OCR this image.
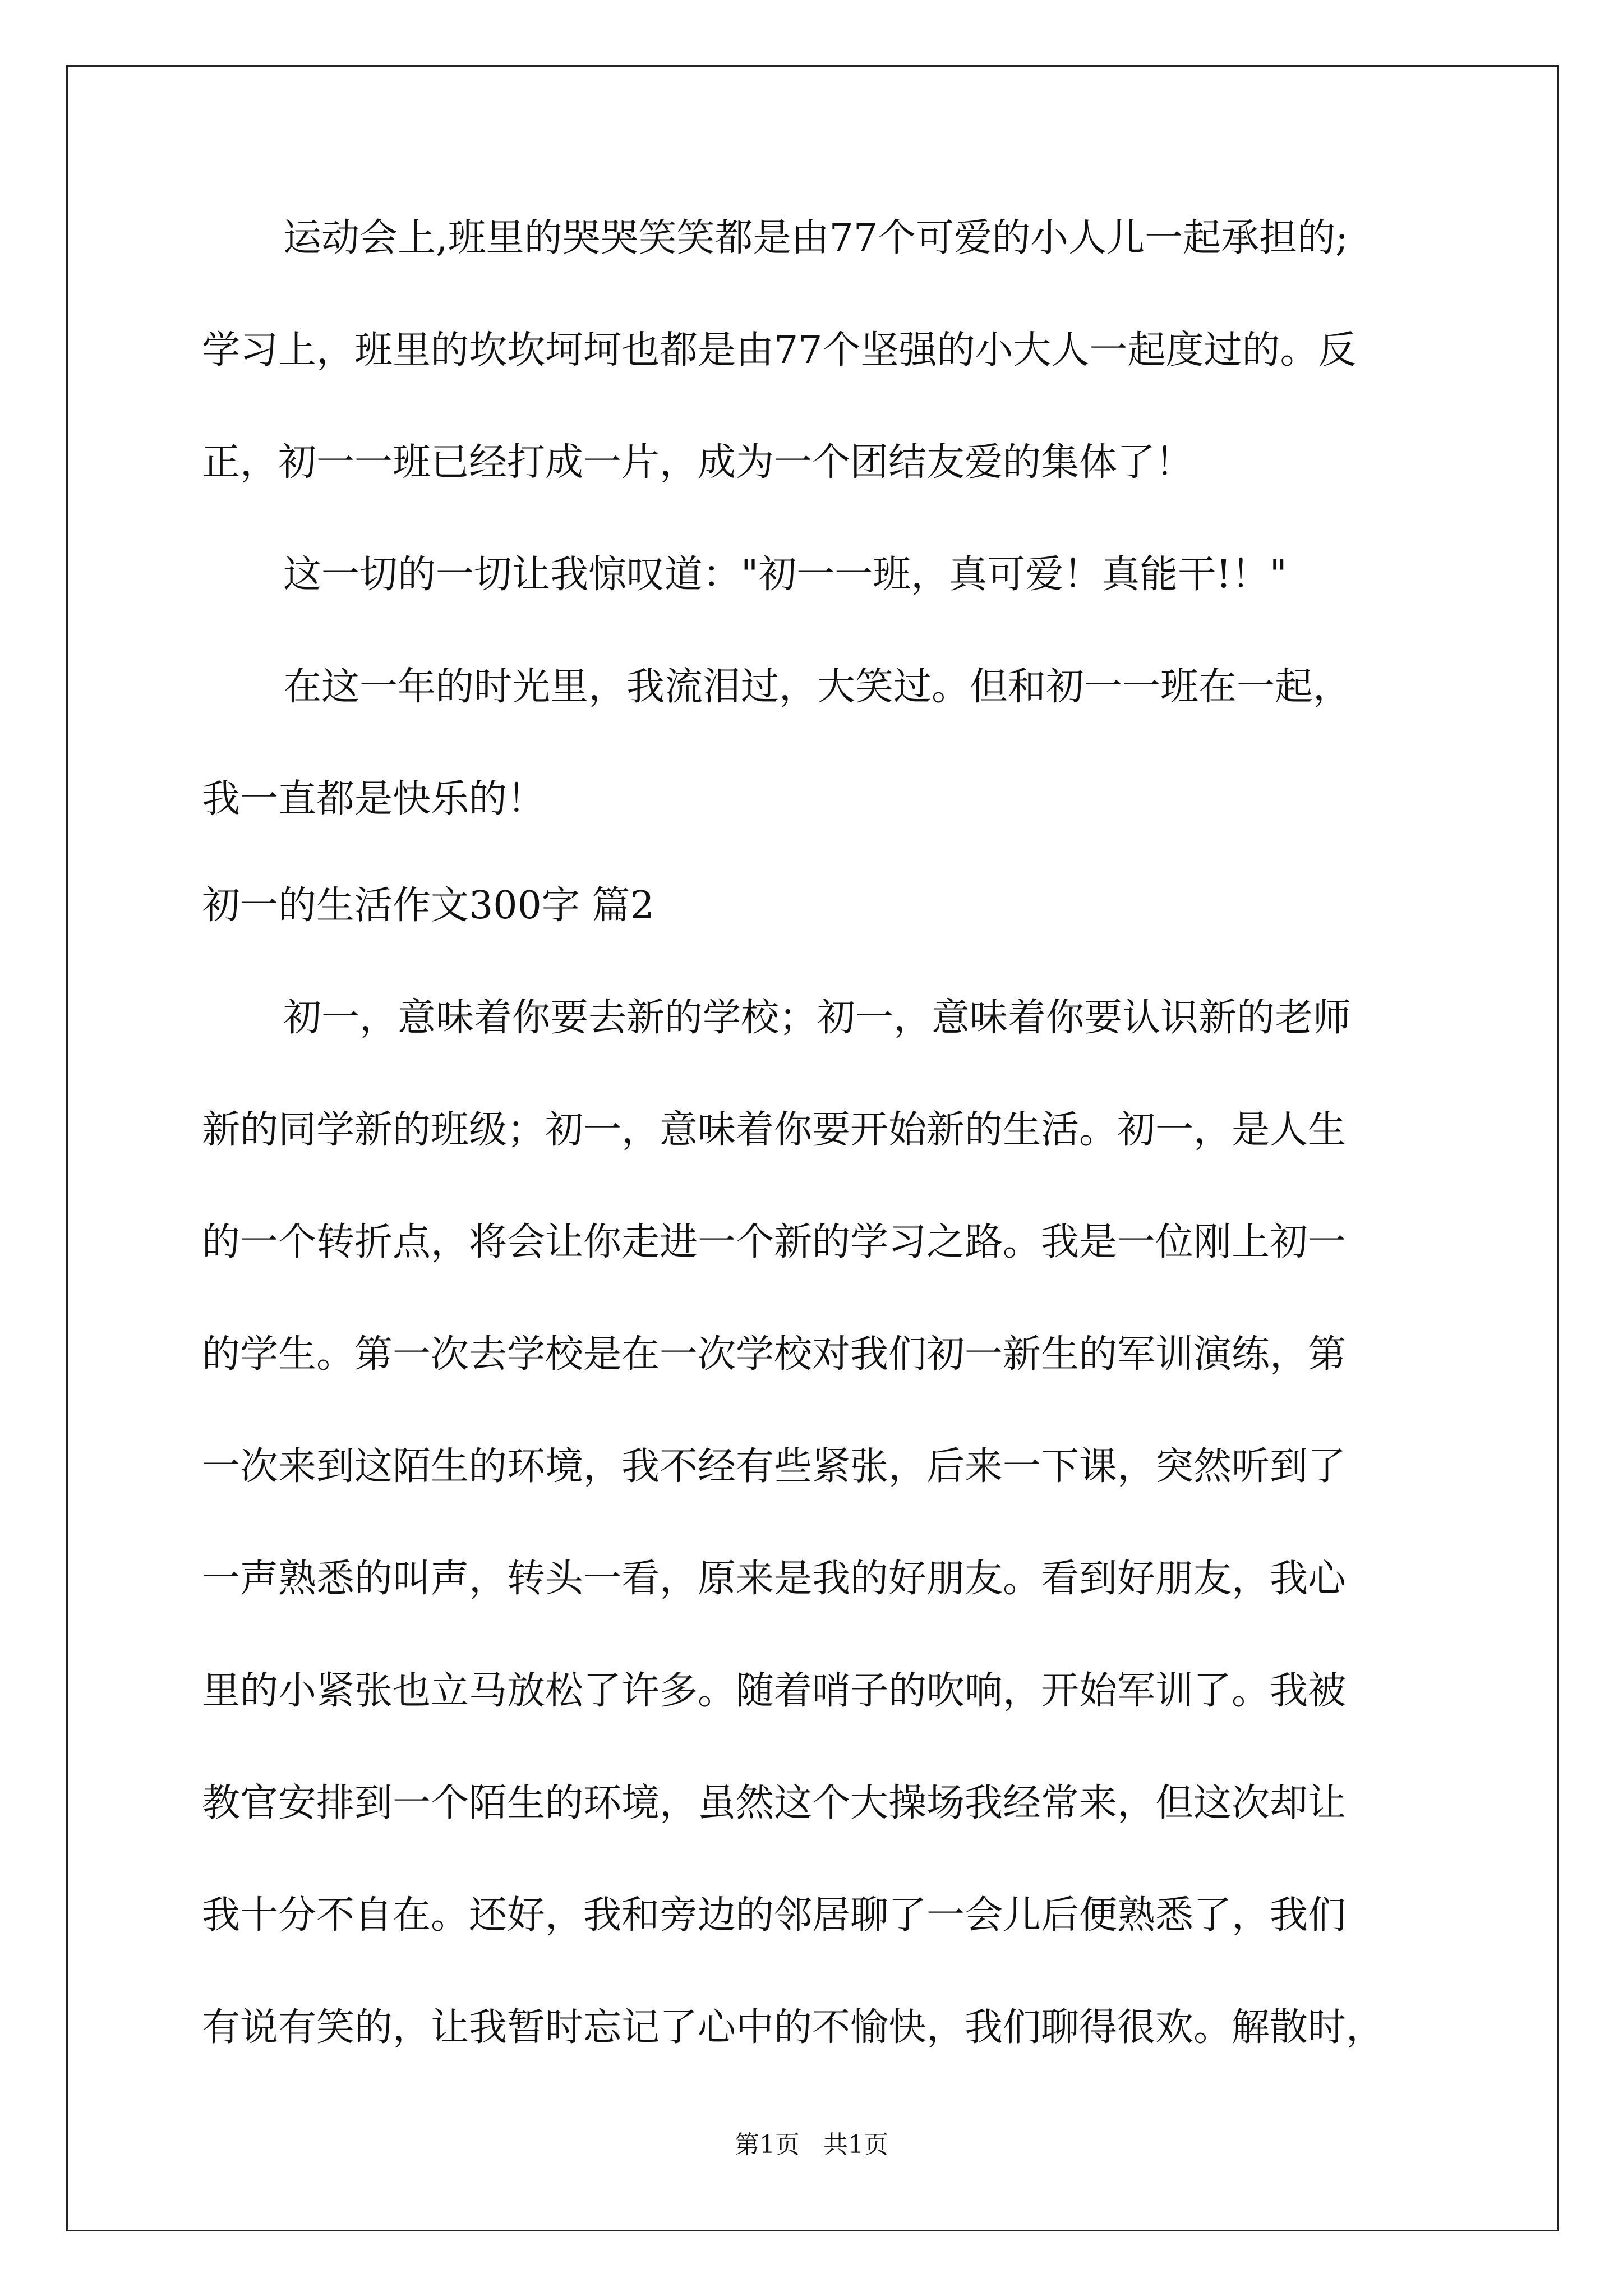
运动会上,班里的哭哭笑笑都是由77个可爱的小人儿一起承担的;
学习上，班里的坎坎坷坷也都是由77个坚强的小大人一起度过的。反
正，初一一班已经打成一片，成为一个团结友爱的集体了！
这一切的一切让我惊叹道："初一一班，真可爱！真能干!！"
在这一年的时光里，我流泪过，大笑过。但和初一一班在一起，
我一直都是快乐的！
初一的生活作文300字 篇2
初一，意味着你要去新的学校；初一，意味着你要认识新的老师
新的同学新的班级；初一，意味着你要开始新的生活。初一，是人生
的一个转折点，将会让你走进一个新的学习之路。我是一位刚上初一
的学生。第一次去学校是在一次学校对我们初一新生的军训演练，第
一次来到这陌生的环境，我不经有些紧张，后来一下课，突然听到了
一声熟悉的叫声，转头一看，原来是我的好朋友。看到好朋友，我心
里的小紧张也立马放松了许多。随着哨子的吹响，开始军训了。我被
教官安排到一个陌生的环境，虽然这个大操场我经常来，但这次却让
我十分不自在。还好，我和旁边的邻居聊了一会儿后便熟悉了，我们
有说有笑的，让我暂时忘记了心中的不愉快，我们聊得很欢。解散时，
第1页   共1页
